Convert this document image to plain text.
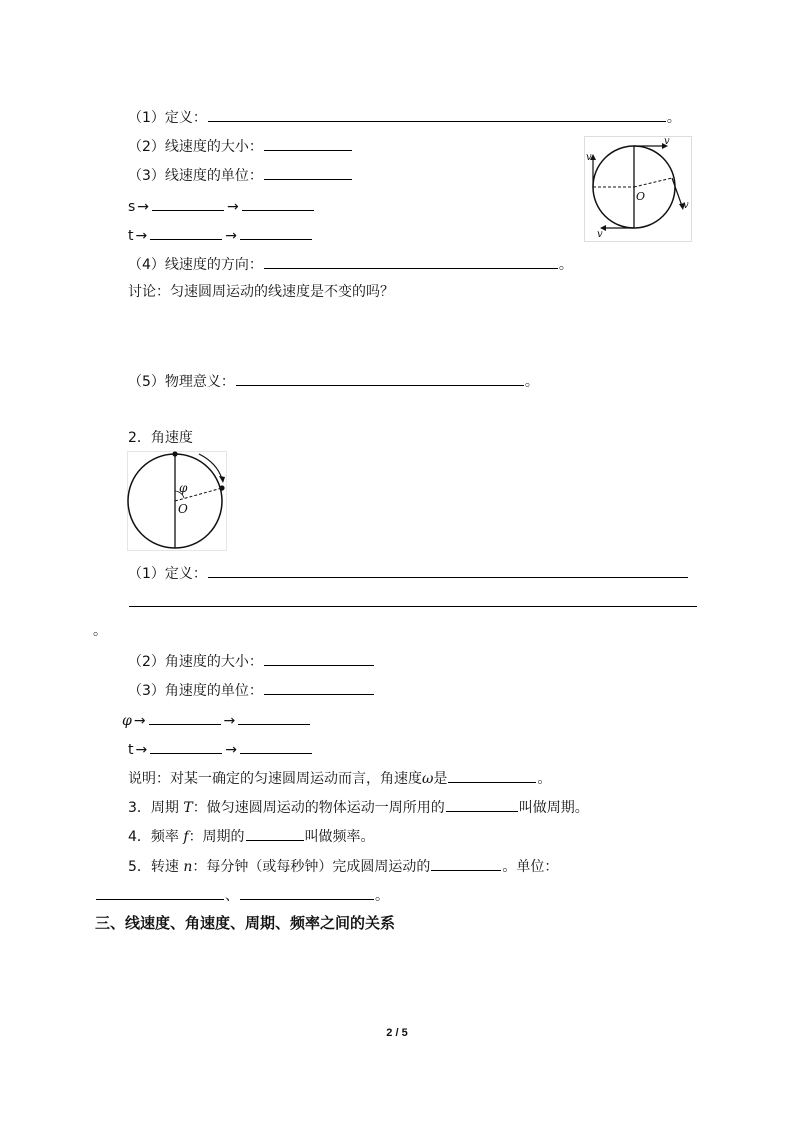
（1）定义：	。
（2）线速度的大小：
（3）线速度的单位：
s →	→
t →	→
（4）线速度的方向：	。
讨论：匀速圆周运动的线速度是不变的吗？
（5）物理意义：	。
v
v
v
v
O
2．角速度
φ
O
（1）定义：
。
（2）角速度的大小：
（3）角速度的单位：
φ →	→
t →	→
说明：对某一确定的匀速圆周运动而言，角速度ω是	。
3．周期 T：做匀速圆周运动的物体运动一周所用的	叫做周期。
4．频率 f：周期的	叫做频率。
5．转速 n：每分钟（或每秒钟）完成圆周运动的	。单位：
、	。
三、线速度、角速度、周期、频率之间的关系
2 / 5
